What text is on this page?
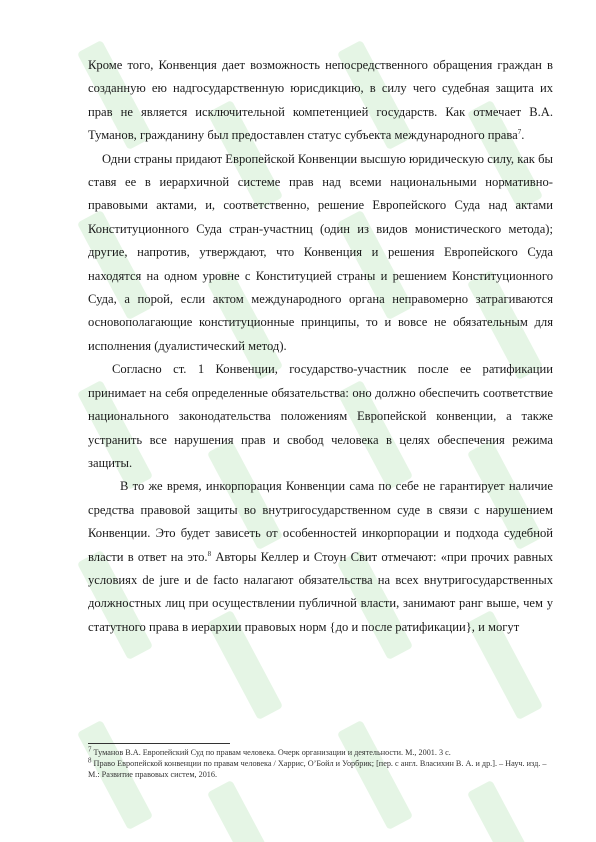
Кроме того, Конвенция дает возможность непосредственного обращения граждан в созданную ею надгосударственную юрисдикцию, в силу чего судебная защита их прав не является исключительной компетенцией государств. Как отмечает В.А. Туманов, гражданину был предоставлен статус субъекта международного права$^7$.

Одни страны придают Европейской Конвенции высшую юридическую силу, как бы ставя ее в иерархичной системе прав над всеми национальными нормативно-правовыми актами, и, соответственно, решение Европейского Суда над актами Конституционного Суда стран-участниц (один из видов монистического метода); другие, напротив, утверждают, что Конвенция и решения Европейского Суда находятся на одном уровне с Конституцией страны и решением Конституционного Суда, а порой, если актом международного органа неправомерно затрагиваются основополагающие конституционные принципы, то и вовсе не обязательным для исполнения (дуалистический метод).

Согласно ст. 1 Конвенции, государство-участник после ее ратификации принимает на себя определенные обязательства: оно должно обеспечить соответствие национального законодательства положениям Европейской конвенции, а также устранить все нарушения прав и свобод человека в целях обеспечения режима защиты.

В то же время, инкорпорация Конвенции сама по себе не гарантирует наличие средства правовой защиты во внутригосударственном суде в связи с нарушением Конвенции. Это будет зависеть от особенностей инкорпорации и подхода судебной власти в ответ на это.$^8$ Авторы Келлер и Стоун Свит отмечают: «при прочих равных условиях de jure и de facto налагают обязательства на всех внутригосударственных должностных лиц при осуществлении публичной власти, занимают ранг выше, чем у статутного права в иерархии правовых норм {до и после ратификации}, и могут

$^7$ Туманов В.А. Европейский Суд по правам человека. Очерк организации и деятельности. М., 2001. 3 с.

$^8$ Право Европейской конвенции по правам человека / Харрис, О’Бойл и Уорбрик; [пер. с англ. Власихин В. А. и др.]. – Науч. изд. – М.: Развитие правовых систем, 2016.
